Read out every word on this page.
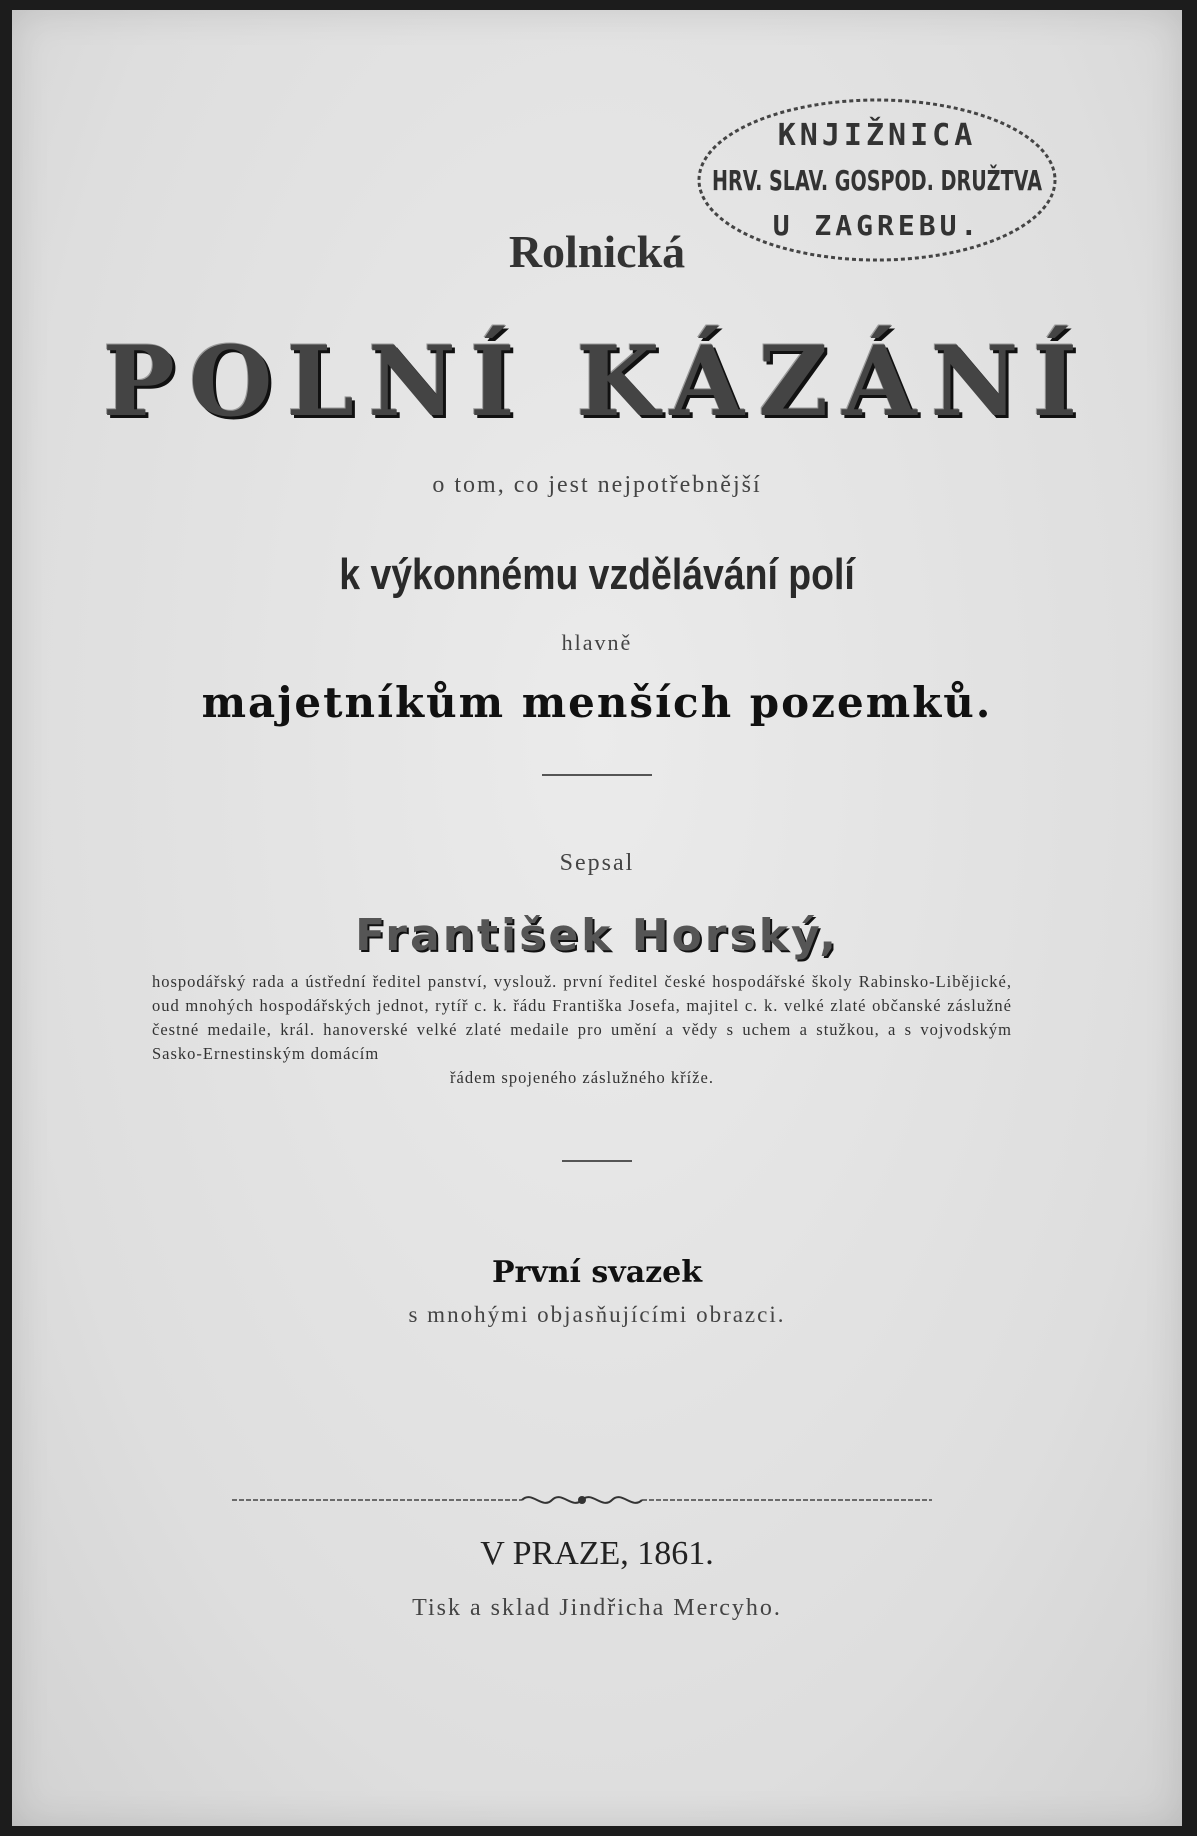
KNJIŽNICA
HRV. SLAV. GOSPOD. DRUŽTVA
U ZAGREBU.
Rolnická
POLNÍ KÁZÁNÍ
o tom, co jest nejpotřebnější
k výkonnému vzdělávání polí
hlavně
majetníkům menších pozemků.
Sepsal
František Horský,
hospodářský rada a ústřední ředitel panství, vyslouž. první ředitel české hospodářské školy Rabinsko-Libějické, oud mnohých hospodářských jednot, rytíř c. k. řádu Františka Josefa, majitel c. k. velké zlaté občanské záslužné čestné medaile, král. hanoverské velké zlaté medaile pro umění a vědy s uchem a stužkou, a s vojvodským Sasko-Ernestinským domácím
řádem spojeného záslužného kříže.
První svazek
s mnohými objasňujícími obrazci.
V PRAZE, 1861.
Tisk a sklad Jindřicha Mercyho.
